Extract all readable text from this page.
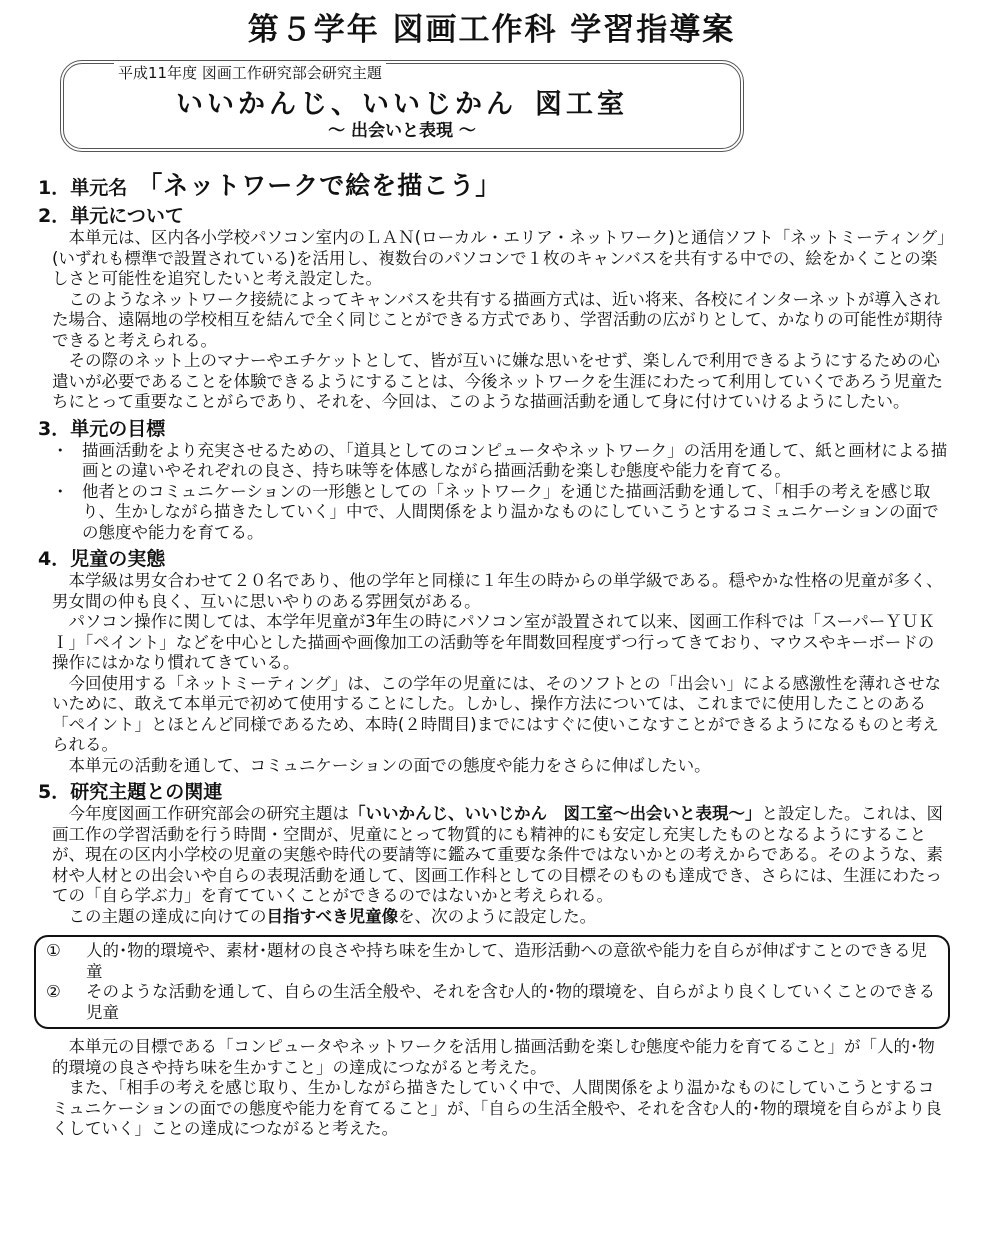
第５学年 図画工作科 学習指導案
平成11年度 図画工作研究部会研究主題
いいかんじ、いいじかん 図工室
～ 出会いと表現 ～
1．単元名 「ネットワークで絵を描こう」
2．単元について

本単元は、区内各小学校パソコン室内のＬＡＮ(ローカル・エリア・ネットワーク)と通信ソフト「ネットミーティング」(いずれも標準で設置されている)を活用し、複数台のパソコンで１枚のキャンバスを共有する中での、絵をかくことの楽しさと可能性を追究したいと考え設定した。

このようなネットワーク接続によってキャンバスを共有する描画方式は、近い将来、各校にインターネットが導入された場合、遠隔地の学校相互を結んで全く同じことができる方式であり、学習活動の広がりとして、かなりの可能性が期待できると考えられる。

その際のネット上のマナーやエチケットとして、皆が互いに嫌な思いをせず、楽しんで利用できるようにするための心遣いが必要であることを体験できるようにすることは、今後ネットワークを生涯にわたって利用していくであろう児童たちにとって重要なことがらであり、それを、今回は、このような描画活動を通して身に付けていけるようにしたい。

3．単元の目標
・ 描画活動をより充実させるための、「道具としてのコンピュータやネットワーク」の活用を通して、紙と画材による描画との違いやそれぞれの良さ、持ち味等を体感しながら描画活動を楽しむ態度や能力を育てる。
・ 他者とのコミュニケーションの一形態としての「ネットワーク」を通じた描画活動を通して、「相手の考えを感じ取り、生かしながら描きたしていく」中で、人間関係をより温かなものにしていこうとするコミュニケーションの面での態度や能力を育てる。
4．児童の実態

本学級は男女合わせて２０名であり、他の学年と同様に１年生の時からの単学級である。穏やかな性格の児童が多く、男女間の仲も良く、互いに思いやりのある雰囲気がある。

パソコン操作に関しては、本学年児童が3年生の時にパソコン室が設置されて以来、図画工作科では「スーパーＹＵＫＩ」「ペイント」などを中心とした描画や画像加工の活動等を年間数回程度ずつ行ってきており、マウスやキーボードの操作にはかなり慣れてきている。

今回使用する「ネットミーティング」は、この学年の児童には、そのソフトとの「出会い」による感激性を薄れさせないために、敢えて本単元で初めて使用することにした。しかし、操作方法については、これまでに使用したことのある「ペイント」とほとんど同様であるため、本時(２時間目)までにはすぐに使いこなすことができるようになるものと考えられる。

本単元の活動を通して、コミュニケーションの面での態度や能力をさらに伸ばしたい。

5．研究主題との関連

今年度図画工作研究部会の研究主題は「いいかんじ、いいじかん　図工室～出会いと表現～」と設定した。これは、図画工作の学習活動を行う時間・空間が、児童にとって物質的にも精神的にも安定し充実したものとなるようにすることが、現在の区内小学校の児童の実態や時代の要請等に鑑みて重要な条件ではないかとの考えからである。そのような、素材や人材との出会いや自らの表現活動を通して、図画工作科としての目標そのものも達成でき、さらには、生涯にわたっての「自ら学ぶ力」を育てていくことができるのではないかと考えられる。

この主題の達成に向けての目指すべき児童像を、次のように設定した。

①	人的･物的環境や、素材･題材の良さや持ち味を生かして、造形活動への意欲や能力を自らが伸ばすことのできる児童
②	そのような活動を通して、自らの生活全般や、それを含む人的･物的環境を、自らがより良くしていくことのできる児童

本単元の目標である「コンピュータやネットワークを活用し描画活動を楽しむ態度や能力を育てること」が「人的･物的環境の良さや持ち味を生かすこと」の達成につながると考えた。

また、「相手の考えを感じ取り、生かしながら描きたしていく中で、人間関係をより温かなものにしていこうとするコミュニケーションの面での態度や能力を育てること」が、「自らの生活全般や、それを含む人的･物的環境を自らがより良くしていく」ことの達成につながると考えた。
